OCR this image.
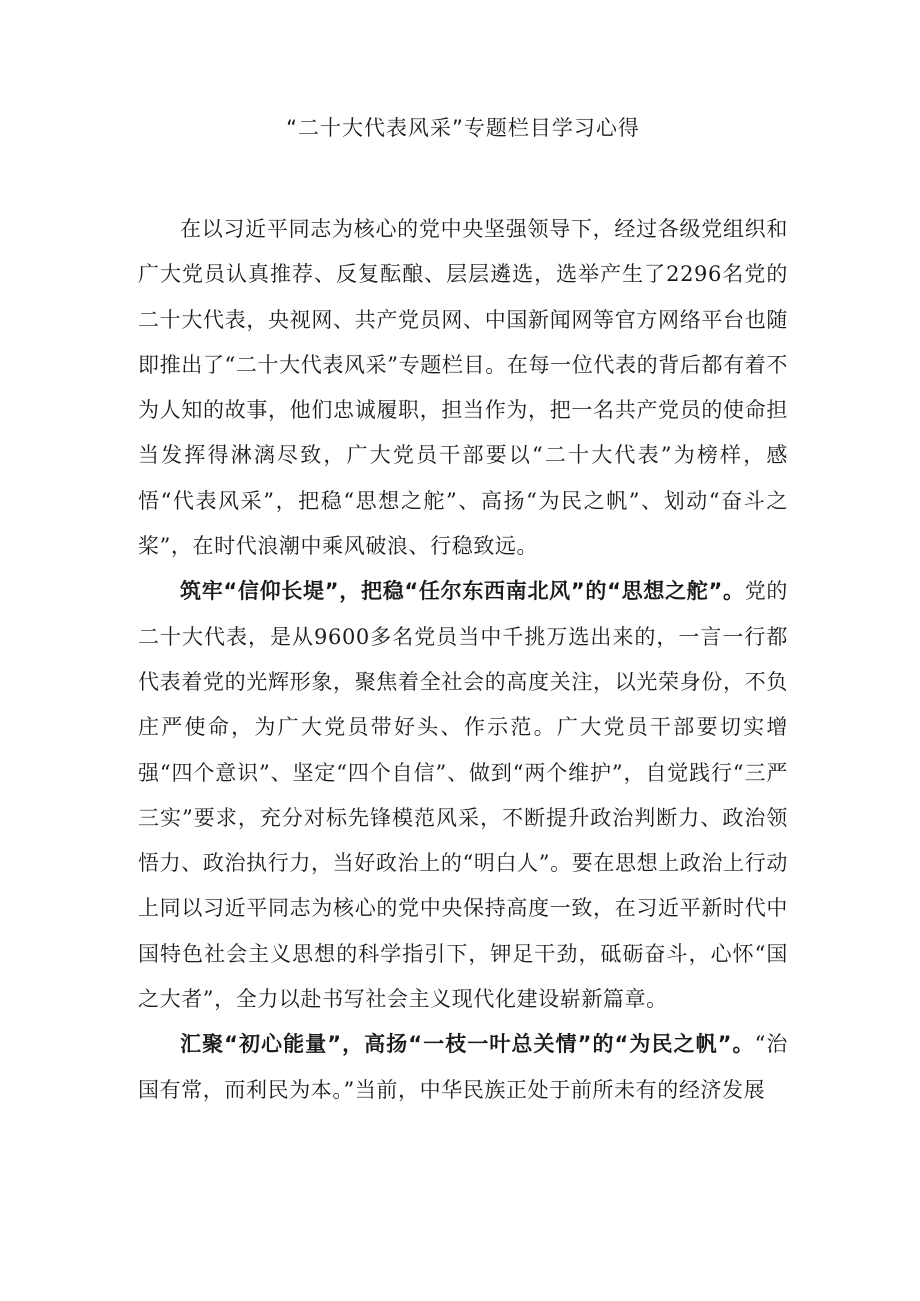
“二十大代表风采”专题栏目学习心得

在以习近平同志为核心的党中央坚强领导下，经过各级党组织和广大党员认真推荐、反复酝酿、层层遴选，选举产生了2296名党的二十大代表，央视网、共产党员网、中国新闻网等官方网络平台也随即推出了“二十大代表风采”专题栏目。在每一位代表的背后都有着不为人知的故事，他们忠诚履职，担当作为，把一名共产党员的使命担当发挥得淋漓尽致，广大党员干部要以“二十大代表”为榜样，感悟“代表风采”，把稳“思想之舵”、高扬“为民之帆”、划动“奋斗之桨”，在时代浪潮中乘风破浪、行稳致远。

筑牢“信仰长堤”，把稳“任尔东西南北风”的“思想之舵”。党的二十大代表，是从9600多名党员当中千挑万选出来的，一言一行都代表着党的光辉形象，聚焦着全社会的高度关注，以光荣身份，不负庄严使命，为广大党员带好头、作示范。广大党员干部要切实增强“四个意识”、坚定“四个自信”、做到“两个维护”，自觉践行“三严三实”要求，充分对标先锋模范风采，不断提升政治判断力、政治领悟力、政治执行力，当好政治上的“明白人”。要在思想上政治上行动上同以习近平同志为核心的党中央保持高度一致，在习近平新时代中国特色社会主义思想的科学指引下，钾足干劲，砥砺奋斗，心怀“国之大者”，全力以赴书写社会主义现代化建设崭新篇章。

汇聚“初心能量”，高扬“一枝一叶总关情”的“为民之帆”。“治国有常，而利民为本。”当前，中华民族正处于前所未有的经济发展
